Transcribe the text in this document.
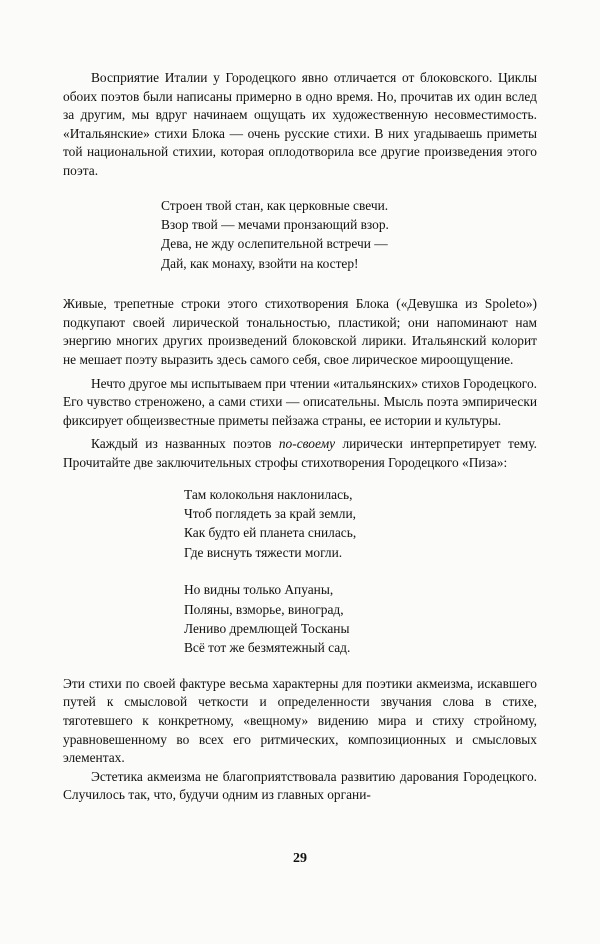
Восприятие Италии у Городецкого явно отличается от блоковского. Циклы обоих поэтов были написаны примерно в одно время. Но, прочитав их один вслед за другим, мы вдруг начинаем ощущать их художественную несовместимость. «Итальянские» стихи Блока — очень русские стихи. В них угадываешь приметы той национальной стихии, которая оплодотворила все другие произведения этого поэта.

Строен твой стан, как церковные свечи.

Взор твой — мечами пронзающий взор.

Дева, не жду ослепительной встречи —

Дай, как монаху, взойти на костер!

Живые, трепетные строки этого стихотворения Блока («Девушка из Spoleto») подкупают своей лирической тональностью, пластикой; они напоминают нам энергию многих других произведений блоковской лирики. Итальянский колорит не мешает поэту выразить здесь самого себя, свое лирическое мироощущение.

Нечто другое мы испытываем при чтении «итальянских» стихов Городецкого. Его чувство стреножено, а сами стихи — описательны. Мысль поэта эмпирически фиксирует общеизвестные приметы пейзажа страны, ее истории и культуры.

Каждый из названных поэтов по-своему лирически интерпретирует тему. Прочитайте две заключительных строфы стихотворения Городецкого «Пиза»:

Там колокольня наклонилась,

Чтоб поглядеть за край земли,

Как будто ей планета снилась,

Где виснуть тяжести могли.

Но видны только Апуаны,

Поляны, взморье, виноград,

Лениво дремлющей Тосканы

Всё тот же безмятежный сад.

Эти стихи по своей фактуре весьма характерны для поэтики акмеизма, искавшего путей к смысловой четкости и определенности звучания слова в стихе, тяготевшего к конкретному, «вещному» видению мира и стиху стройному, уравновешенному во всех его ритмических, композиционных и смысловых элементах.

Эстетика акмеизма не благоприятствовала развитию дарования Городецкого. Случилось так, что, будучи одним из главных органи-

29
